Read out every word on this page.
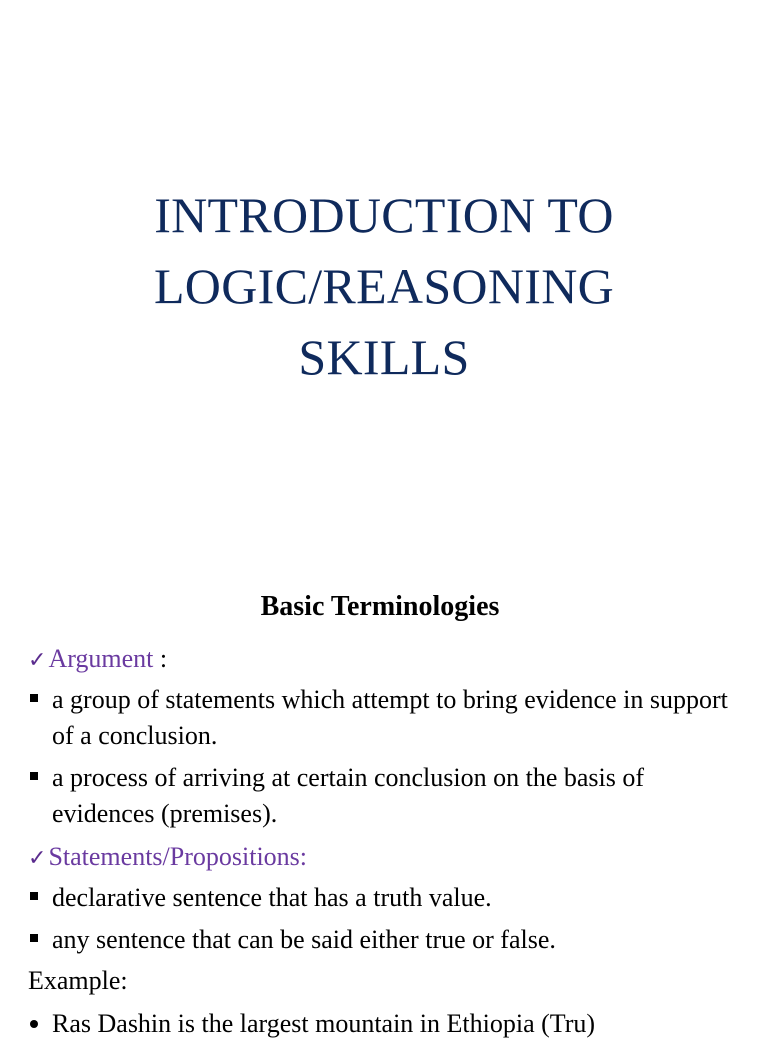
INTRODUCTION TO
LOGIC/REASONING
SKILLS
Basic Terminologies
✓Argument :
a group of statements which attempt to bring evidence in support of a conclusion.
a process of arriving at certain conclusion on the basis of evidences (premises).
✓Statements/Propositions:
declarative sentence that has a truth value.
any sentence that can be said either true or false.
Example:
Ras Dashin is the largest mountain in Ethiopia (Tru)
